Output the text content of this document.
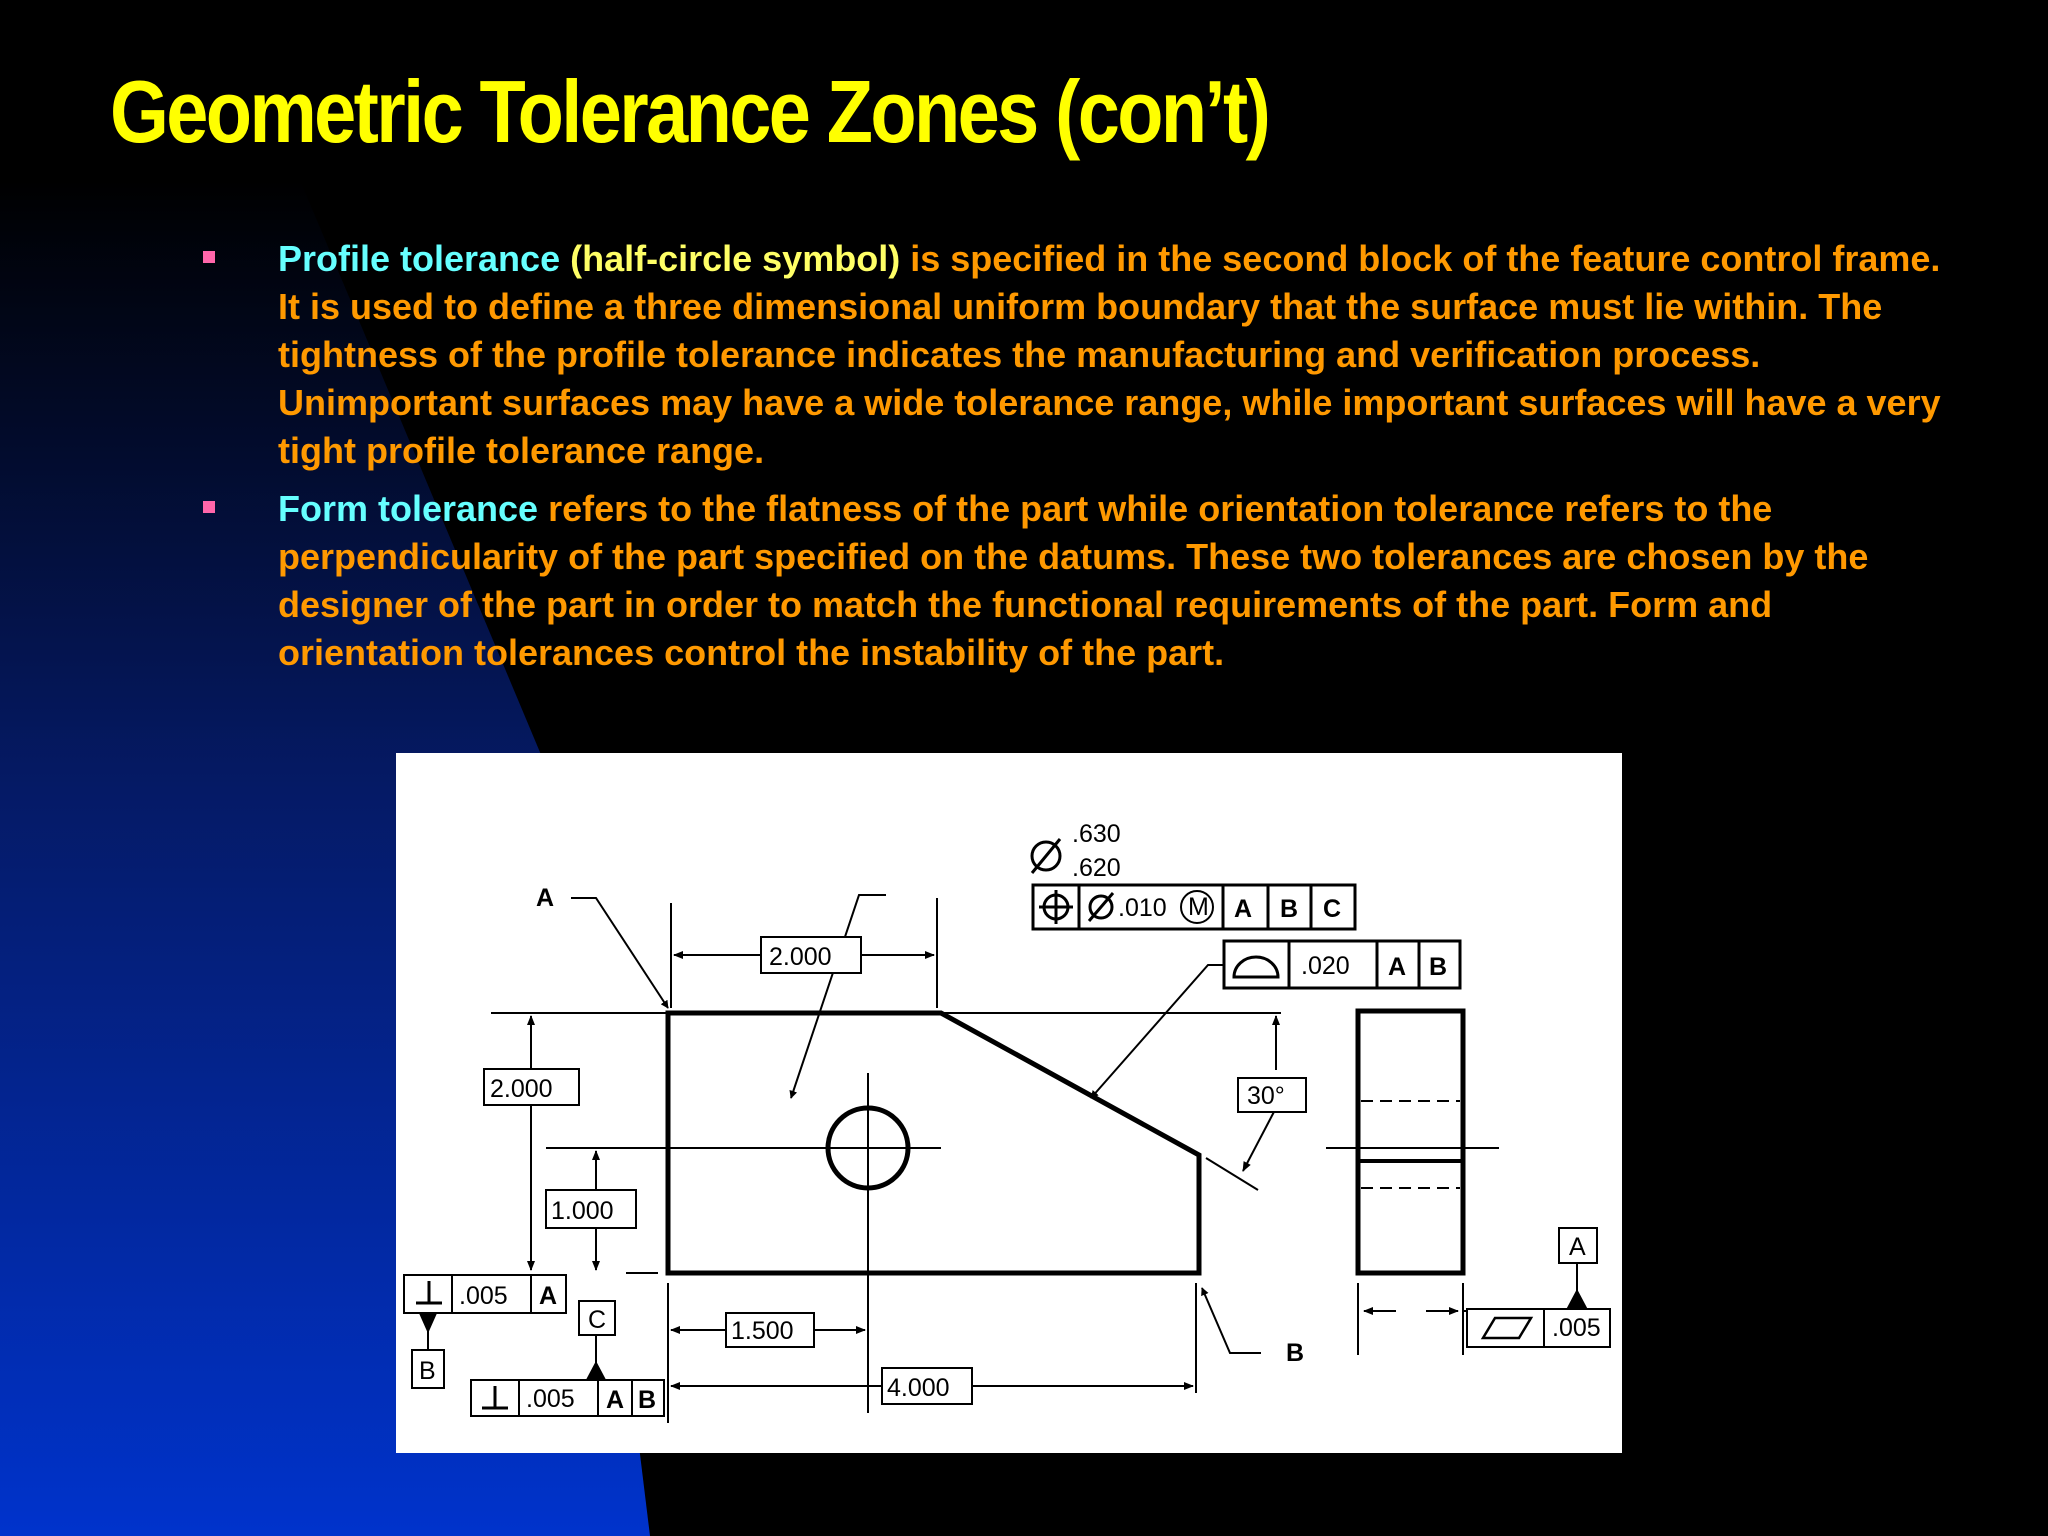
Geometric Tolerance Zones (con’t)
Profile tolerance (half-circle symbol) is specified in the second block of the feature control frame. It is used to define a three dimensional uniform boundary that the surface must lie within. The tightness of the profile tolerance indicates the manufacturing and verification process. Unimportant surfaces may have a wide tolerance range, while important surfaces will have a very tight profile tolerance range.
Form tolerance refers to the flatness of the part while orientation tolerance refers to the perpendicularity of the part specified on the datums. These two tolerances are chosen by the designer of the part in order to match the functional requirements of the part. Form and orientation tolerances control the instability of the part.
.630
.620
.010 M A B C
.020 A B
2.000
2.000
1.000
1.500
4.000
30°
.005 A
B
C
.005 A B
A
B
A
.005
